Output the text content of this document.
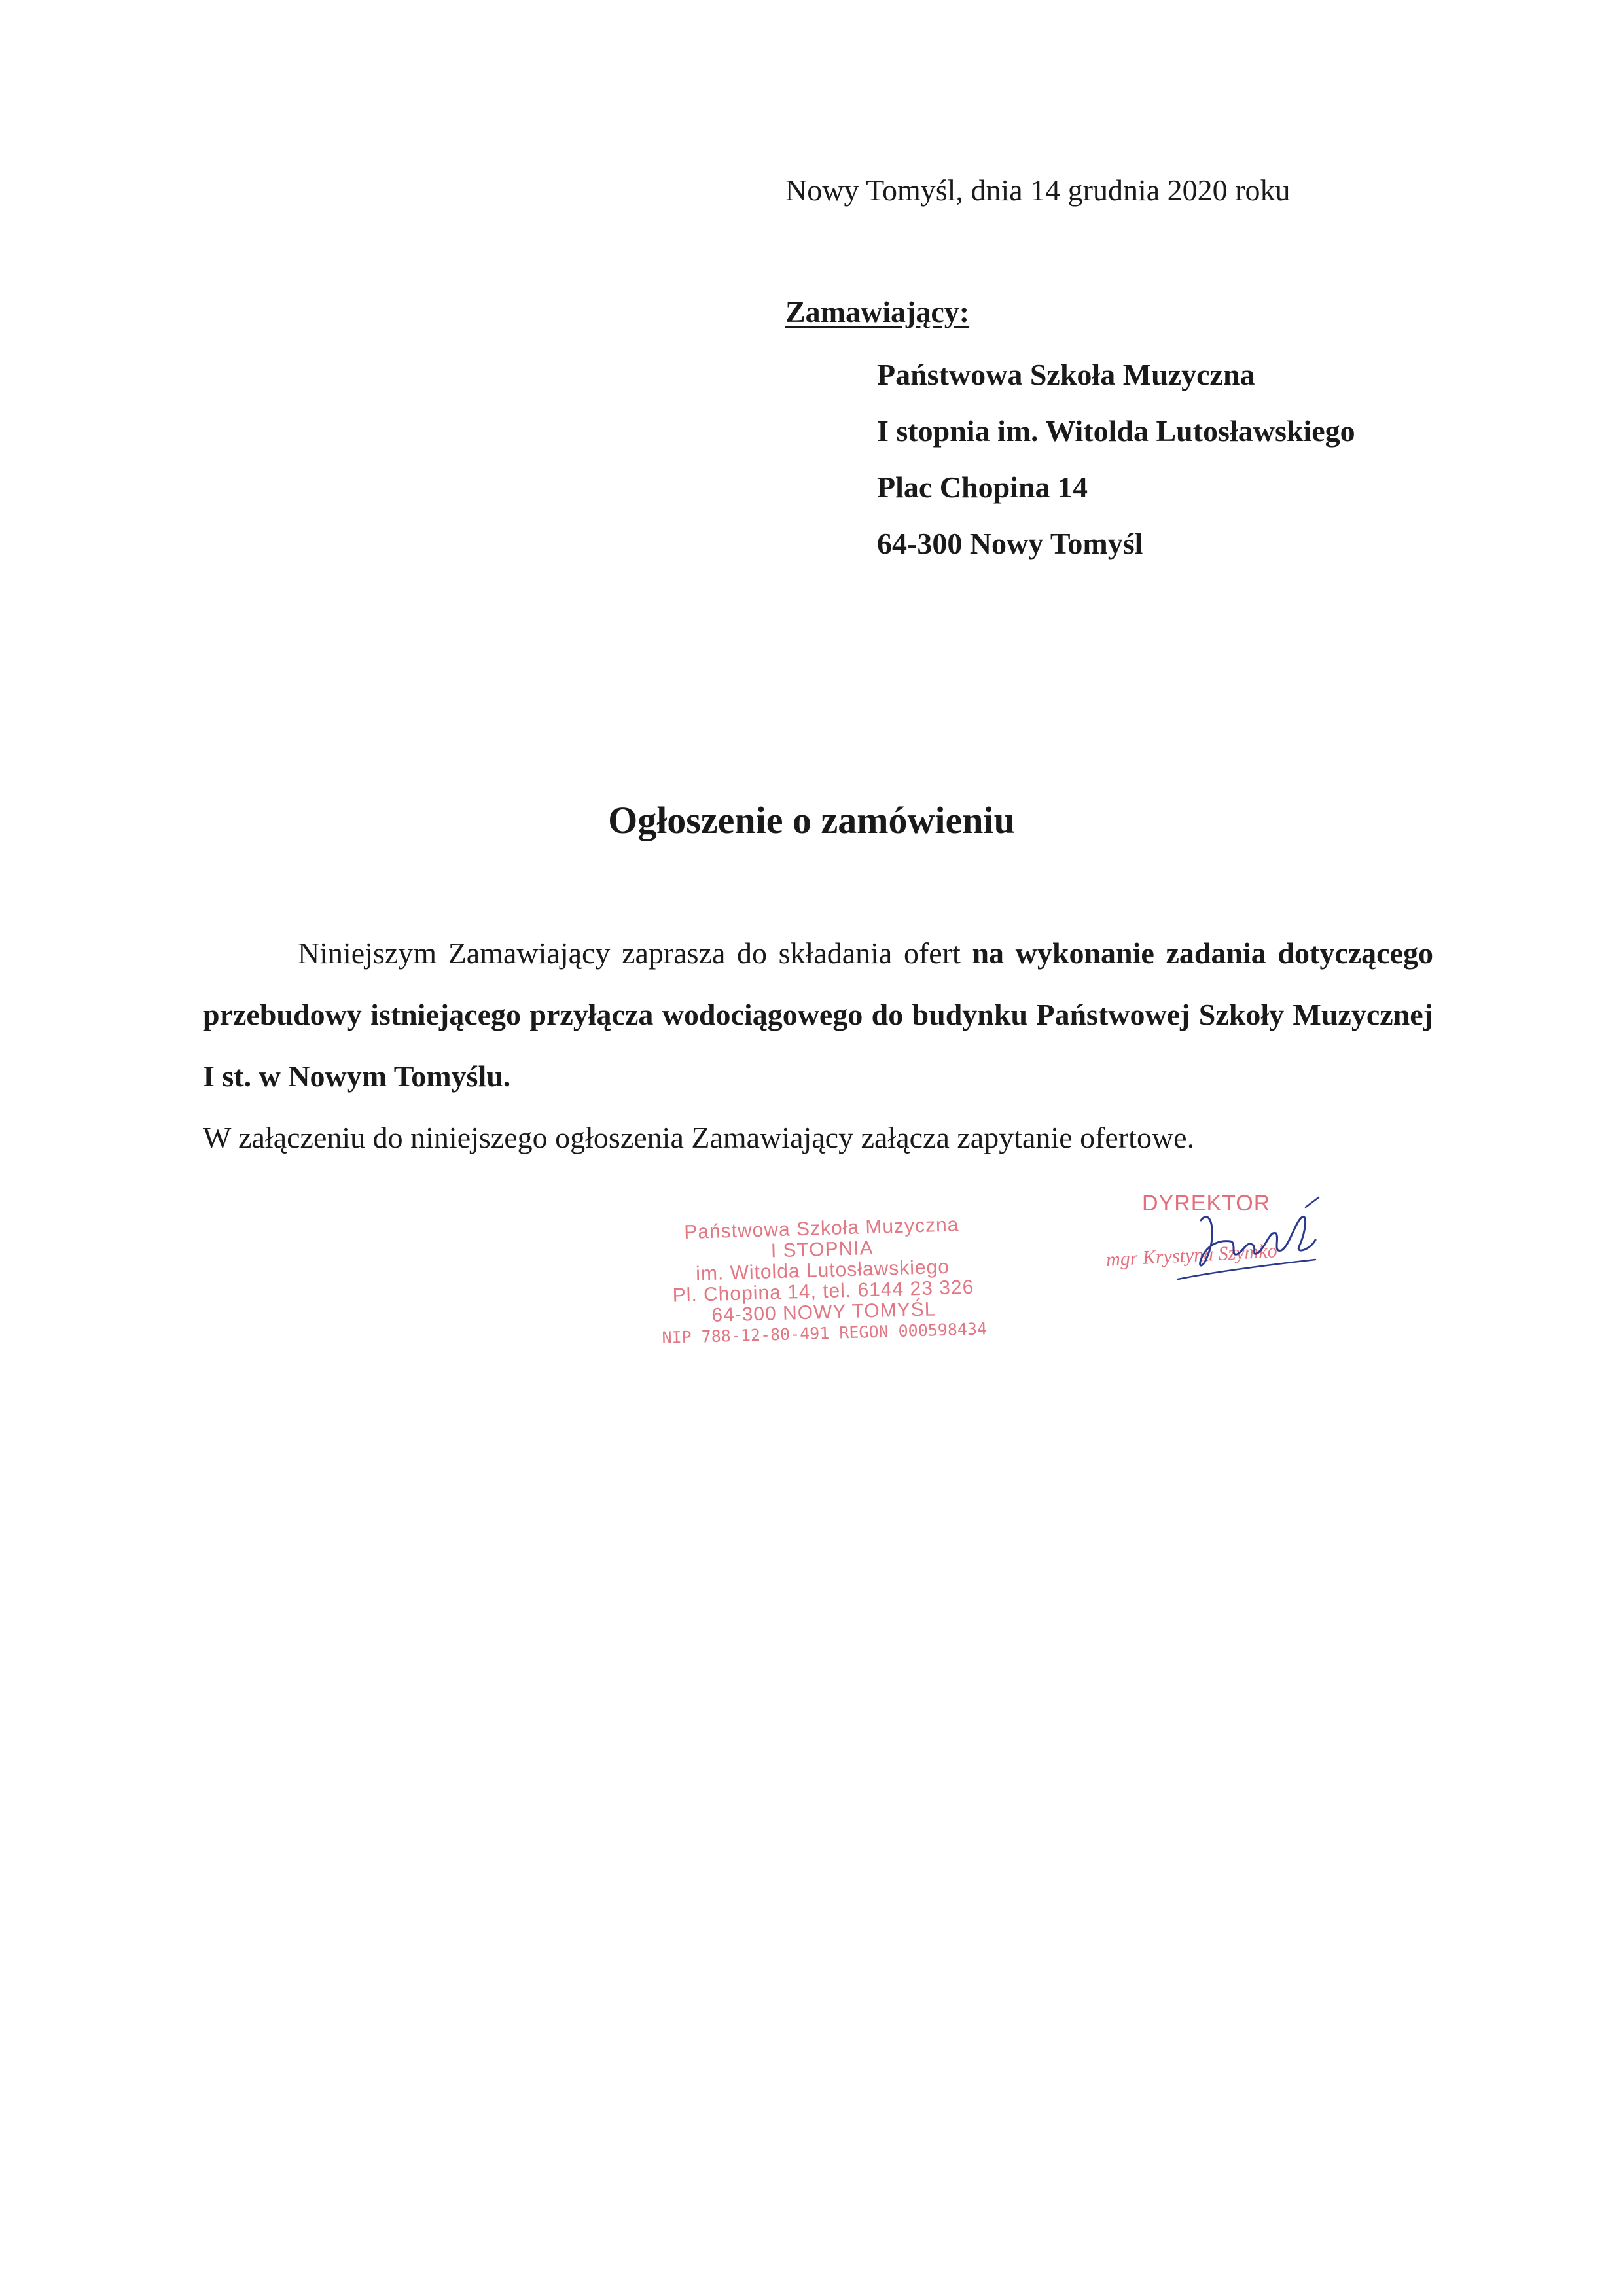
Nowy Tomyśl, dnia 14 grudnia 2020 roku
Zamawiający:
Państwowa Szkoła Muzyczna
I stopnia im. Witolda Lutosławskiego
Plac Chopina 14
64-300 Nowy Tomyśl
Ogłoszenie o zamówieniu

Niniejszym Zamawiający zaprasza do składania ofert na wykonanie zadania dotyczącego przebudowy istniejącego przyłącza wodociągowego do budynku Państwowej Szkoły Muzycznej I st. w Nowym Tomyślu.

W załączeniu do niniejszego ogłoszenia Zamawiający załącza zapytanie ofertowe.

Państwowa Szkoła Muzyczna
I STOPNIA
im. Witolda Lutosławskiego
Pl. Chopina 14, tel. 6144 23 326
64-300 NOWY TOMYŚL
NIP 788-12-80-491 REGON 000598434
DYREKTOR
mgr Krystyna Szymko
